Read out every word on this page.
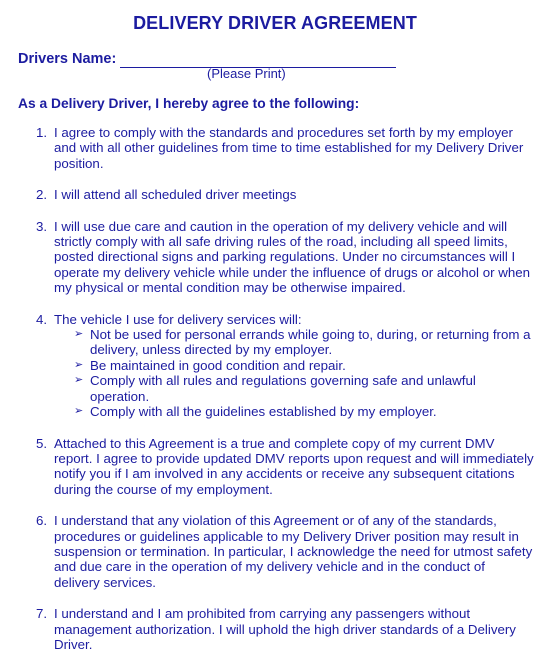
DELIVERY DRIVER AGREEMENT
Drivers Name:
(Please Print)
As a Delivery Driver, I hereby agree to the following:
1. I agree to comply with the standards and procedures set forth by my employer and with all other guidelines from time to time established for my Delivery Driver position.
2. I will attend all scheduled driver meetings
3. I will use due care and caution in the operation of my delivery vehicle and will strictly comply with all safe driving rules of the road, including all speed limits, posted directional signs and parking regulations. Under no circumstances will I operate my delivery vehicle while under the influence of drugs or alcohol or when my physical or mental condition may be otherwise impaired.
4. The vehicle I use for delivery services will:
➢ Not be used for personal errands while going to, during, or returning from a delivery, unless directed by my employer.
➢ Be maintained in good condition and repair.
➢ Comply with all rules and regulations governing safe and unlawful operation.
➢ Comply with all the guidelines established by my employer.
5. Attached to this Agreement is a true and complete copy of my current DMV report. I agree to provide updated DMV reports upon request and will immediately notify you if I am involved in any accidents or receive any subsequent citations during the course of my employment.
6. I understand that any violation of this Agreement or of any of the standards, procedures or guidelines applicable to my Delivery Driver position may result in suspension or termination. In particular, I acknowledge the need for utmost safety and due care in the operation of my delivery vehicle and in the conduct of delivery services.
7. I understand and I am prohibited from carrying any passengers without management authorization. I will uphold the high driver standards of a Delivery Driver.
